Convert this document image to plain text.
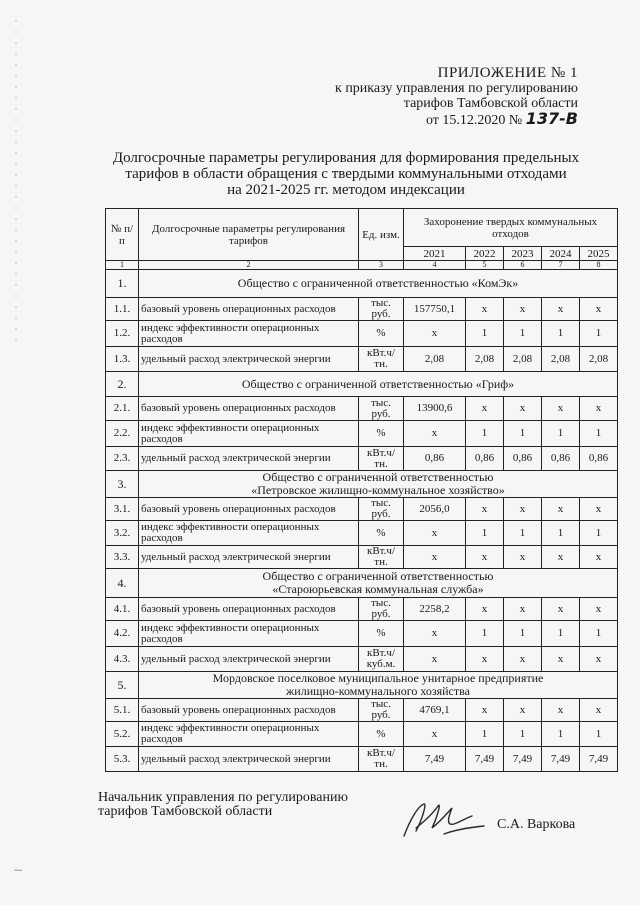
ПРИЛОЖЕНИЕ № 1
к приказу управления по регулированию
тарифов Тамбовской области
от 15.12.2020 № 137-В
Долгосрочные параметры регулирования для формирования предельных
тарифов в области обращения с твердыми коммунальными отходами
на 2021-2025 гг. методом индексации
№ п/п	Долгосрочные параметры регулирования тарифов	Ед. изм.	Захоронение твердых коммунальных отходов				
			2021	2022	2023	2024	2025
1	2	3	4	5	6	7	8
1.	Общество с ограниченной ответственностью «КомЭк»						

1.1.	базовый уровень операционных расходов	тыс. руб.	157750,1	x	x	x	x
1.2.	индекс эффективности операционных расходов	%	x	1	1	1	1
1.3.	удельный расход электрической энергии	кВт.ч/ тн.	2,08	2,08	2,08	2,08	2,08
2.	Общество с ограниченной ответственностью «Гриф»						

2.1.	базовый уровень операционных расходов	тыс. руб.	13900,6	x	x	x	x
2.2.	индекс эффективности операционных расходов	%	x	1	1	1	1
2.3.	удельный расход электрической энергии	кВт.ч/ тн.	0,86	0,86	0,86	0,86	0,86
3.	Общество с ограниченной ответственностью
«Петровское жилищно-коммунальное хозяйство»						

3.1.	базовый уровень операционных расходов	тыс. руб.	2056,0	x	x	x	x
3.2.	индекс эффективности операционных расходов	%	x	1	1	1	1
3.3.	удельный расход электрической энергии	кВт.ч/ тн.	x	x	x	x	x
4.	Общество с ограниченной ответственностью
«Староюрьевская коммунальная служба»						

4.1.	базовый уровень операционных расходов	тыс. руб.	2258,2	x	x	x	x
4.2.	индекс эффективности операционных расходов	%	x	1	1	1	1
4.3.	удельный расход электрической энергии	кВт.ч/ куб.м.	x	x	x	x	x
5.	Мордовское поселковое муниципальное унитарное предприятие
жилищно-коммунального хозяйства						

5.1.	базовый уровень операционных расходов	тыс. руб.	4769,1	x	x	x	x
5.2.	индекс эффективности операционных расходов	%	x	1	1	1	1
5.3.	удельный расход электрической энергии	кВт.ч/ тн.	7,49	7,49	7,49	7,49	7,49
Начальник управления по регулированию
тарифов Тамбовской области
С.А. Варкова
